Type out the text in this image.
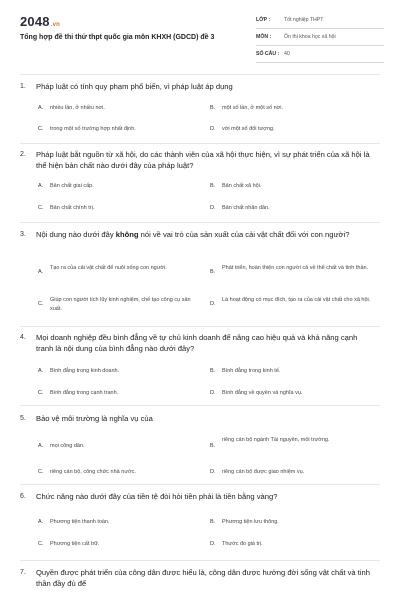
2048.vn
Tổng hợp đề thi thử thpt quốc gia môn KHXH (GDCD) đề 3
LỚP :	Tốt nghiệp THPT
MÔN : Ôn thi khoa học xã hội
SỐ CÂU : 40
1. Pháp luật có tính quy phạm phổ biến, vì pháp luật áp dụng
A. nhiều lần, ở nhiều nơi.	B. một số lần, ở một số nơi.
C. trong một số trường hợp nhất định.	D. với một số đối tượng.
2. Pháp luật bắt nguồn từ xã hội, do các thành viên của xã hội thực hiện, vì sự phát triển của xã hội là thể hiện bản chất nào dưới đây của pháp luật?
A. Bản chất giai cấp.	B. Bản chất xã hội.
C. Bản chất chính trị.	D. Bản chất nhân dân.
3. Nội dung nào dưới đây không nói về vai trò của sản xuất của cải vật chất đối với con người?
A.
Tạo ra của cải vật chất để nuôi sống con người.
B.
Phát triển, hoàn thiện con người cả về thể chất và tinh thần.
C.
Giúp con người tích lũy kinh nghiệm, chế tạo công cụ sản xuất.
D.
Là hoạt động có mục đích, tạo ra của cải vật chất cho xã hội.
4. Mọi doanh nghiệp đều bình đẳng về tự chủ kinh doanh để nâng cao hiệu quả và khả năng cạnh tranh là nội dung của bình đẳng nào dưới đây?
A. Bình đẳng trong kinh doanh.	B. Bình đẳng trong kinh tế.
C. Bình đẳng trong cạnh tranh.	D. Bình đẳng về quyền và nghĩa vụ.
5. Bảo vệ môi trường là nghĩa vụ của
A. mọi công dân.	B.
riêng cán bộ ngành Tài nguyên, môi trường.
C. riêng cán bộ, công chức nhà nước.	D. riêng cán bộ được giao nhiệm vụ.
6. Chức năng nào dưới đây của tiền tệ đòi hỏi tiền phải là tiền bằng vàng?
A. Phương tiện thanh toán.	B. Phương tiện lưu thông.
C. Phương tiện cất trữ.	D. Thước đo giá trị.
7. Quyền được phát triển của công dân được hiểu là, công dân được hưởng đời sống vật chất và tinh thần đầy đủ để
